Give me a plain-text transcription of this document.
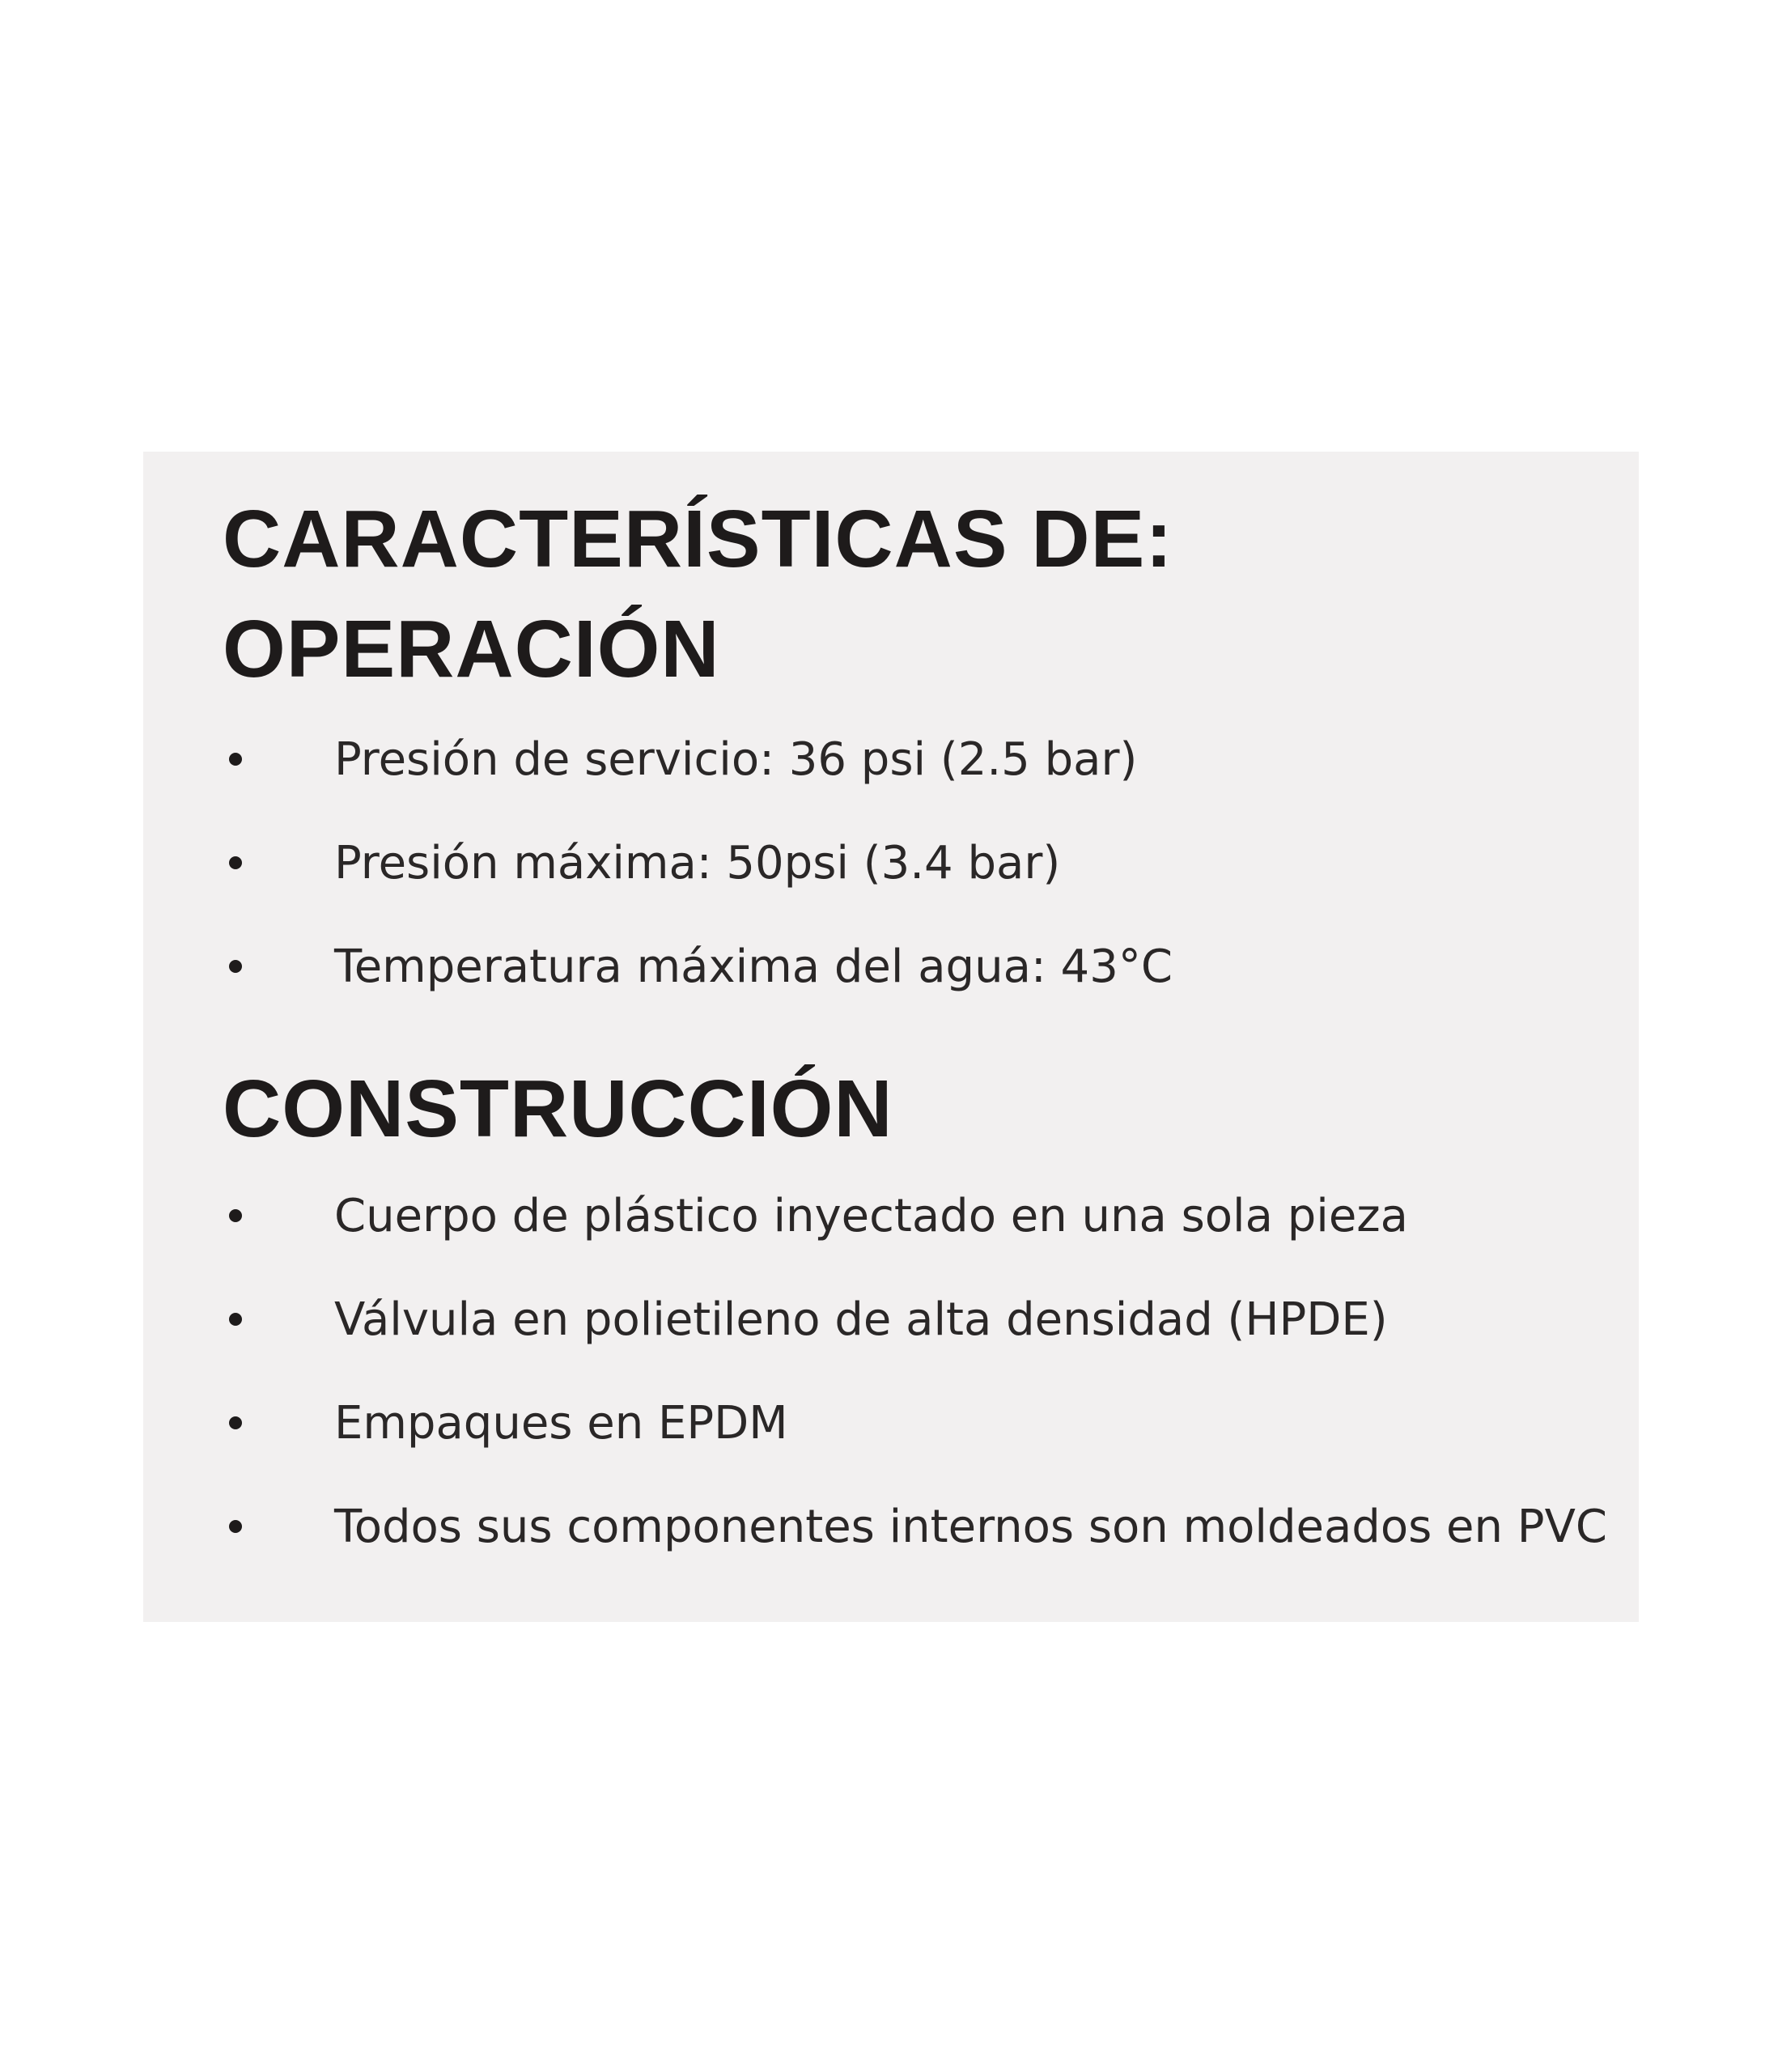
CARACTERÍSTICAS DE:
OPERACIÓN
Presión de servicio: 36 psi (2.5 bar)
Presión máxima: 50psi (3.4 bar)
Temperatura máxima del agua: 43°C
CONSTRUCCIÓN
Cuerpo de plástico inyectado en una sola pieza
Válvula en polietileno de alta densidad (HPDE)
Empaques en EPDM
Todos sus componentes internos son moldeados en PVC
